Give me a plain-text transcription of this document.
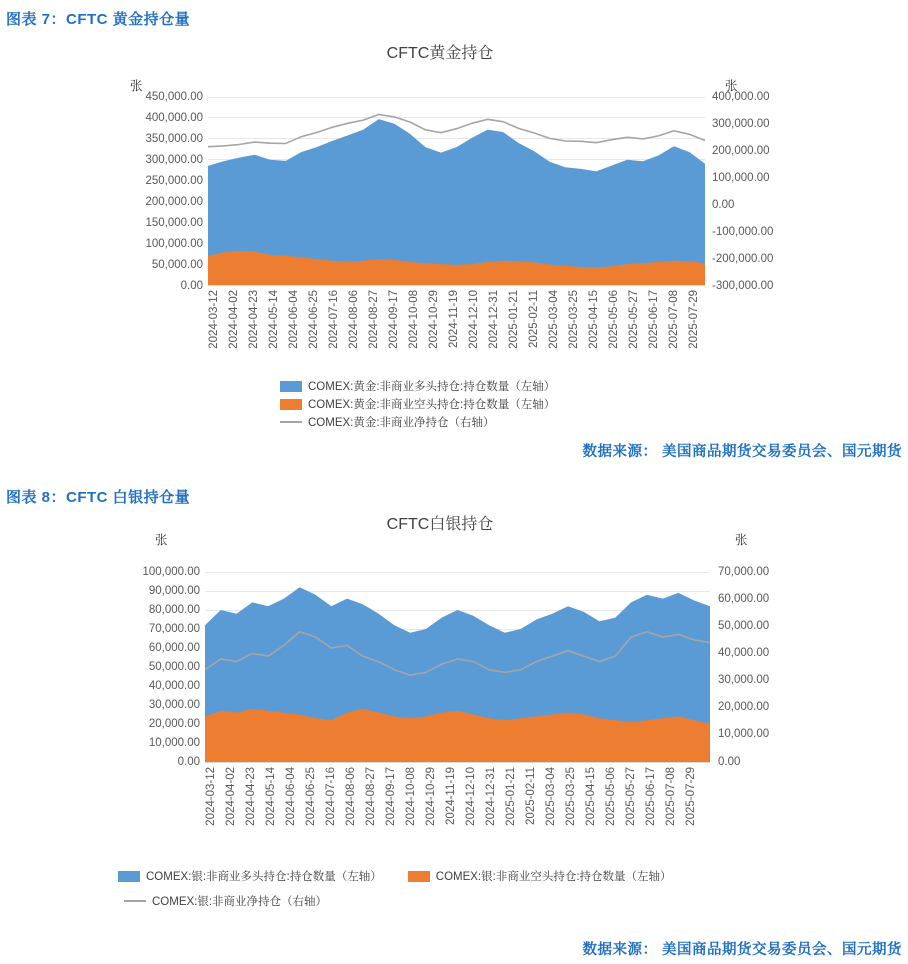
图表 7：CFTC 黄金持仓量
CFTC黄金持仓
张	张
450,000.00
400,000.00
350,000.00
300,000.00
250,000.00
200,000.00
150,000.00
100,000.00
50,000.00
0.00
400,000.00
300,000.00
200,000.00
100,000.00
0.00
-100,000.00
-200,000.00
-300,000.00
2024-03-12 2024-04-02 2024-04-23 2024-05-14 2024-06-04 2024-06-25 2024-07-16 2024-08-06 2024-08-27 2024-09-17 2024-10-08 2024-10-29 2024-11-19 2024-12-10 2024-12-31 2025-01-21 2025-02-11 2025-03-04 2025-03-25 2025-04-15 2025-05-06 2025-05-27 2025-06-17 2025-07-08 2025-07-29
COMEX:黄金:非商业多头持仓:持仓数量（左轴）
COMEX:黄金:非商业空头持仓:持仓数量（左轴）
COMEX:黄金:非商业净持仓（右轴）
数据来源： 美国商品期货交易委员会、国元期货
图表 8：CFTC 白银持仓量
CFTC白银持仓
张	张
100,000.00
90,000.00
80,000.00
70,000.00
60,000.00
50,000.00
40,000.00
30,000.00
20,000.00
10,000.00
0.00
70,000.00
60,000.00
50,000.00
40,000.00
30,000.00
20,000.00
10,000.00
0.00
2024-03-12 2024-04-02 2024-04-23 2024-05-14 2024-06-04 2024-06-25 2024-07-16 2024-08-06 2024-08-27 2024-09-17 2024-10-08 2024-10-29 2024-11-19 2024-12-10 2024-12-31 2025-01-21 2025-02-11 2025-03-04 2025-03-25 2025-04-15 2025-05-06 2025-05-27 2025-06-17 2025-07-08 2025-07-29
COMEX:银:非商业多头持仓:持仓数量（左轴）	COMEX:银:非商业空头持仓:持仓数量（左轴）
COMEX:银:非商业净持仓（右轴）
数据来源： 美国商品期货交易委员会、国元期货
